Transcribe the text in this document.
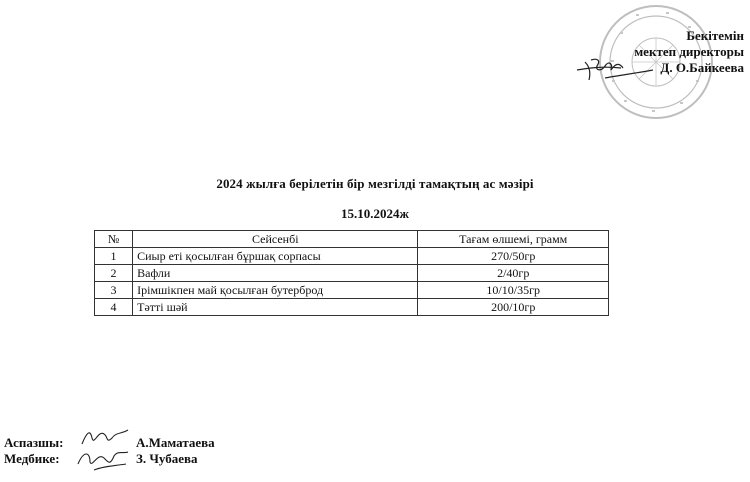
Бекітемін
мектеп директоры
Д. О.Байкеева
2024 жылға берілетін бір мезгілді тамақтың ас мәзірі
15.10.2024ж
№	Сейсенбі	Тағам өлшемі, грамм
1	Сиыр еті қосылған бұршақ сорпасы	270/50гр
2	Вафли	2/40гр
3	Ірімшікпен май қосылған бутерброд	10/10/35гр
4	Тәтті шәй	200/10гр
Аспазшы:	А.Маматаева
Медбике:	З. Чубаева
